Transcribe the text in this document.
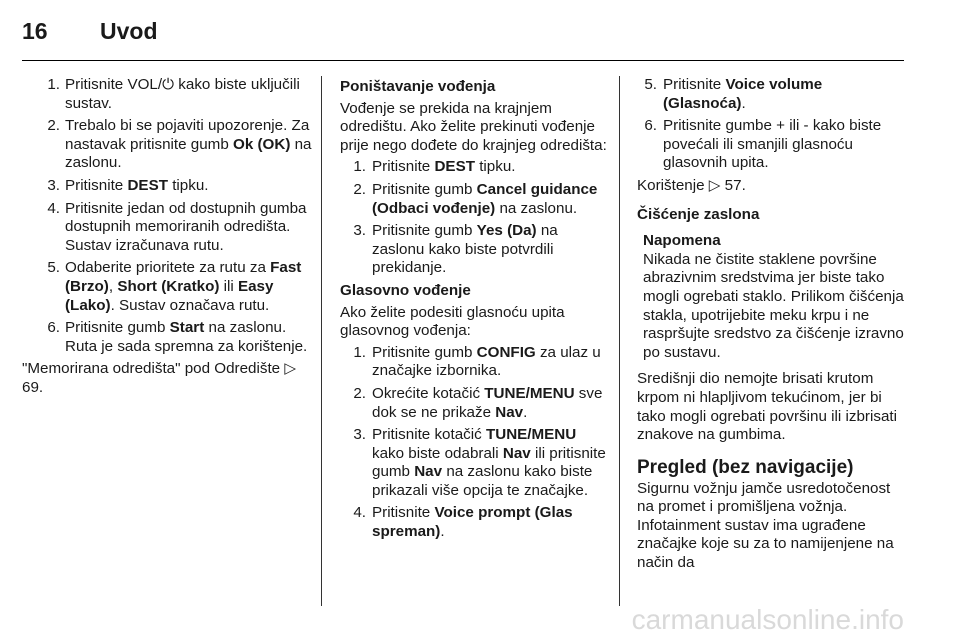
16	Uvod
1. Pritisnite VOL/⏻ kako biste uključili sustav.
2. Trebalo bi se pojaviti upozorenje. Za nastavak pritisnite gumb Ok (OK) na zaslonu.
3. Pritisnite DEST tipku.
4. Pritisnite jedan od dostupnih gumba dostupnih memoriranih odredišta. Sustav izračunava rutu.
5. Odaberite prioritete za rutu za Fast (Brzo), Short (Kratko) ili Easy (Lako). Sustav označava rutu.
6. Pritisnite gumb Start na zaslonu. Ruta je sada spremna za korištenje.

"Memorirana odredišta" pod Odredište ▷ 69.

Poništavanje vođenja

Vođenje se prekida na krajnjem odredištu. Ako želite prekinuti vođenje prije nego dođete do krajnjeg odredišta:

1. Pritisnite DEST tipku.
2. Pritisnite gumb Cancel guidance (Odbaci vođenje) na zaslonu.
3. Pritisnite gumb Yes (Da) na zaslonu kako biste potvrdili prekidanje.

Glasovno vođenje

Ako želite podesiti glasnoću upita glasovnog vođenja:

1. Pritisnite gumb CONFIG za ulaz u značajke izbornika.
2. Okrećite kotačić TUNE/MENU sve dok se ne prikaže Nav.
3. Pritisnite kotačić TUNE/MENU kako biste odabrali Nav ili pritisnite gumb Nav na zaslonu kako biste prikazali više opcija te značajke.
4. Pritisnite Voice prompt (Glas spreman).
5. Pritisnite Voice volume (Glasnoća).
6. Pritisnite gumbe + ili - kako biste povećali ili smanjili glasnoću glasovnih upita.

Korištenje ▷ 57.

Čišćenje zaslona

Napomena
Nikada ne čistite staklene površine abrazivnim sredstvima jer biste tako mogli ogrebati staklo. Prilikom čišćenja stakla, upotrijebite meku krpu i ne raspršujte sredstvo za čišćenje izravno po sustavu.

Središnji dio nemojte brisati krutom krpom ni hlapljivom tekućinom, jer bi tako mogli ogrebati površinu ili izbrisati znakove na gumbima.

Pregled (bez navigacije)

Sigurnu vožnju jamče usredotočenost na promet i promišljena vožnja. Infotainment sustav ima ugrađene značajke koje su za to namijenjene na način da

carmanualsonline.info
